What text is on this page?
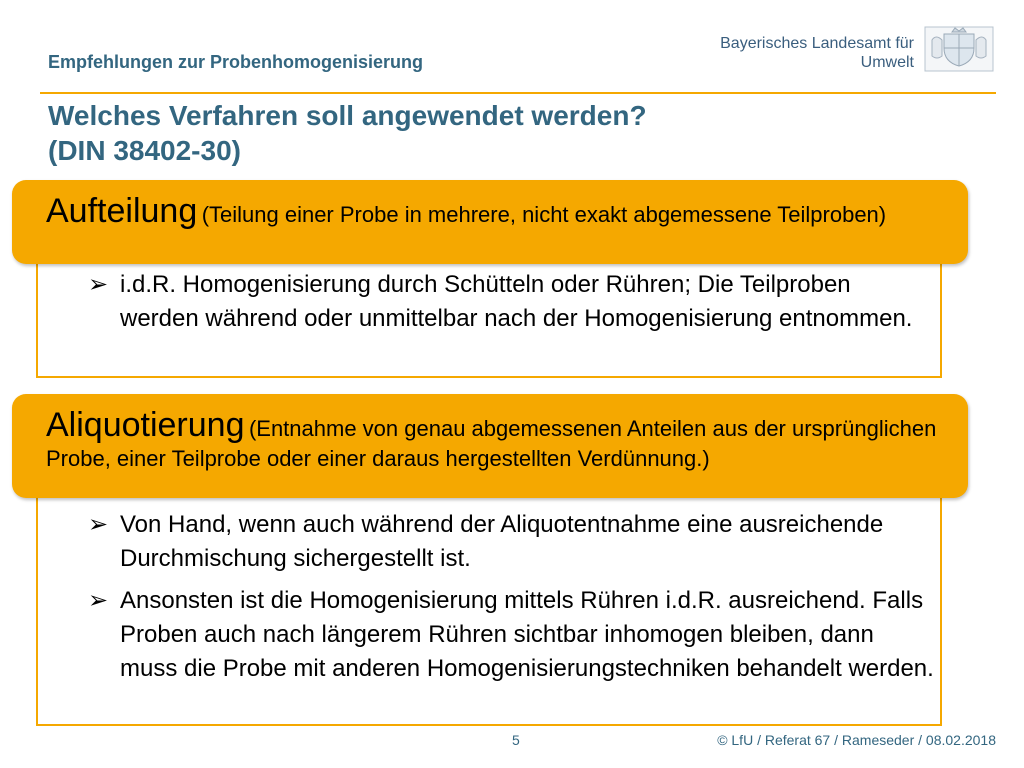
Empfehlungen zur Probenhomogenisierung
Bayerisches Landesamt für
Umwelt
Welches Verfahren soll angewendet werden?
(DIN 38402-30)
Aufteilung (Teilung einer Probe in mehrere, nicht exakt abgemessene Teilproben)
➢ i.d.R. Homogenisierung durch Schütteln oder Rühren; Die Teilproben werden während oder unmittelbar nach der Homogenisierung entnommen.
Aliquotierung (Entnahme von genau abgemessenen Anteilen aus der ursprünglichen Probe, einer Teilprobe oder einer daraus hergestellten Verdünnung.)
➢ Von Hand, wenn auch während der Aliquotentnahme eine ausreichende Durchmischung sichergestellt ist.
➢ Ansonsten ist die Homogenisierung mittels Rühren i.d.R. ausreichend. Falls Proben auch nach längerem Rühren sichtbar inhomogen bleiben, dann muss die Probe mit anderen Homogenisierungstechniken behandelt werden.
5	© LfU / Referat 67 / Rameseder / 08.02.2018
